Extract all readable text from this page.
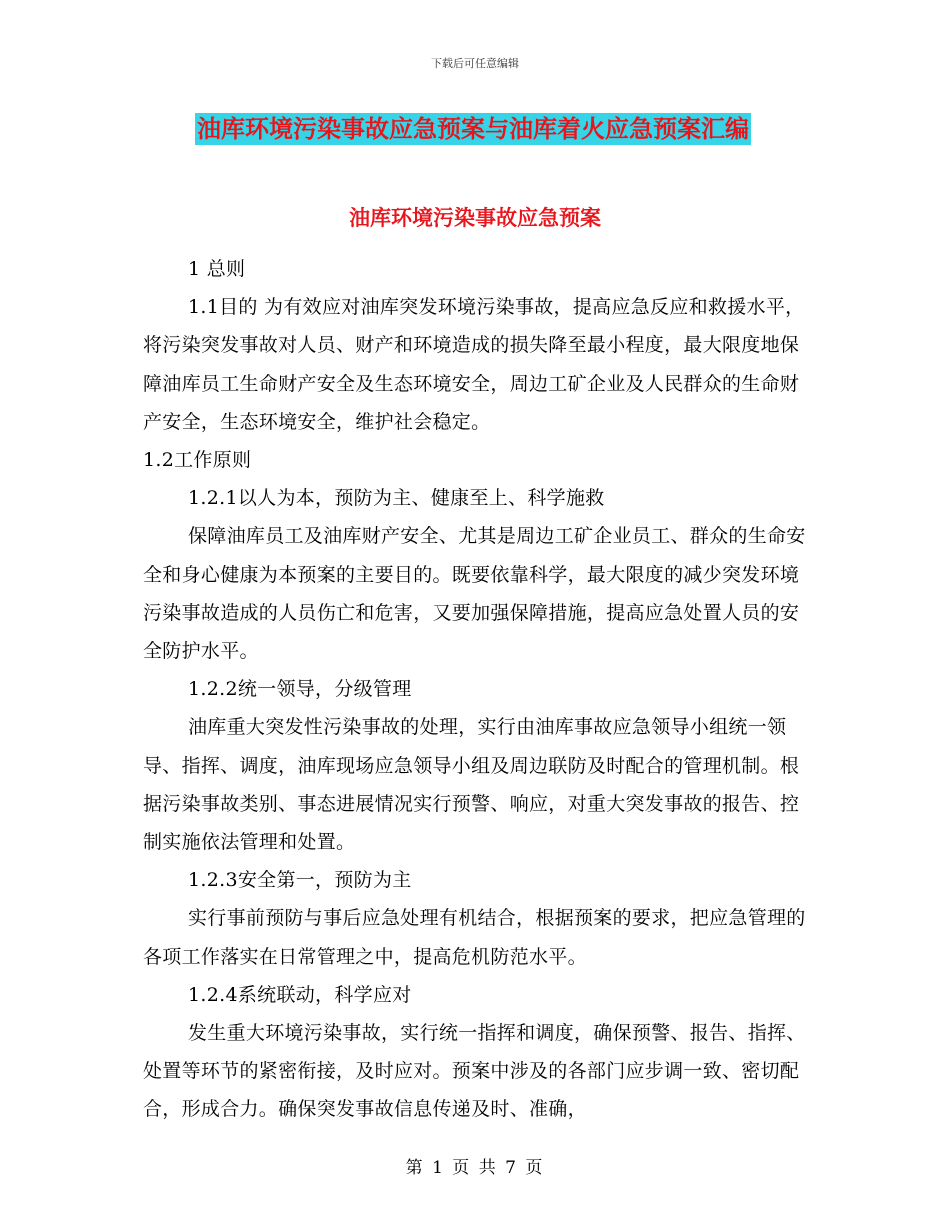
下载后可任意编辑
油库环境污染事故应急预案与油库着火应急预案汇编
油库环境污染事故应急预案

1 总则

1.1目的 为有效应对油库突发环境污染事故，提高应急反应和救援水平，将污染突发事故对人员、财产和环境造成的损失降至最小程度，最大限度地保障油库员工生命财产安全及生态环境安全，周边工矿企业及人民群众的生命财产安全，生态环境安全，维护社会稳定。

1.2工作原则

1.2.1以人为本，预防为主、健康至上、科学施救

保障油库员工及油库财产安全、尤其是周边工矿企业员工、群众的生命安全和身心健康为本预案的主要目的。既要依靠科学，最大限度的减少突发环境污染事故造成的人员伤亡和危害，又要加强保障措施，提高应急处置人员的安全防护水平。

1.2.2统一领导，分级管理

油库重大突发性污染事故的处理，实行由油库事故应急领导小组统一领导、指挥、调度，油库现场应急领导小组及周边联防及时配合的管理机制。根据污染事故类别、事态进展情况实行预警、响应，对重大突发事故的报告、控制实施依法管理和处置。

1.2.3安全第一，预防为主

实行事前预防与事后应急处理有机结合，根据预案的要求，把应急管理的各项工作落实在日常管理之中，提高危机防范水平。

1.2.4系统联动，科学应对

发生重大环境污染事故，实行统一指挥和调度，确保预警、报告、指挥、处置等环节的紧密衔接，及时应对。预案中涉及的各部门应步调一致、密切配合，形成合力。确保突发事故信息传递及时、准确，

第 1 页 共 7 页
